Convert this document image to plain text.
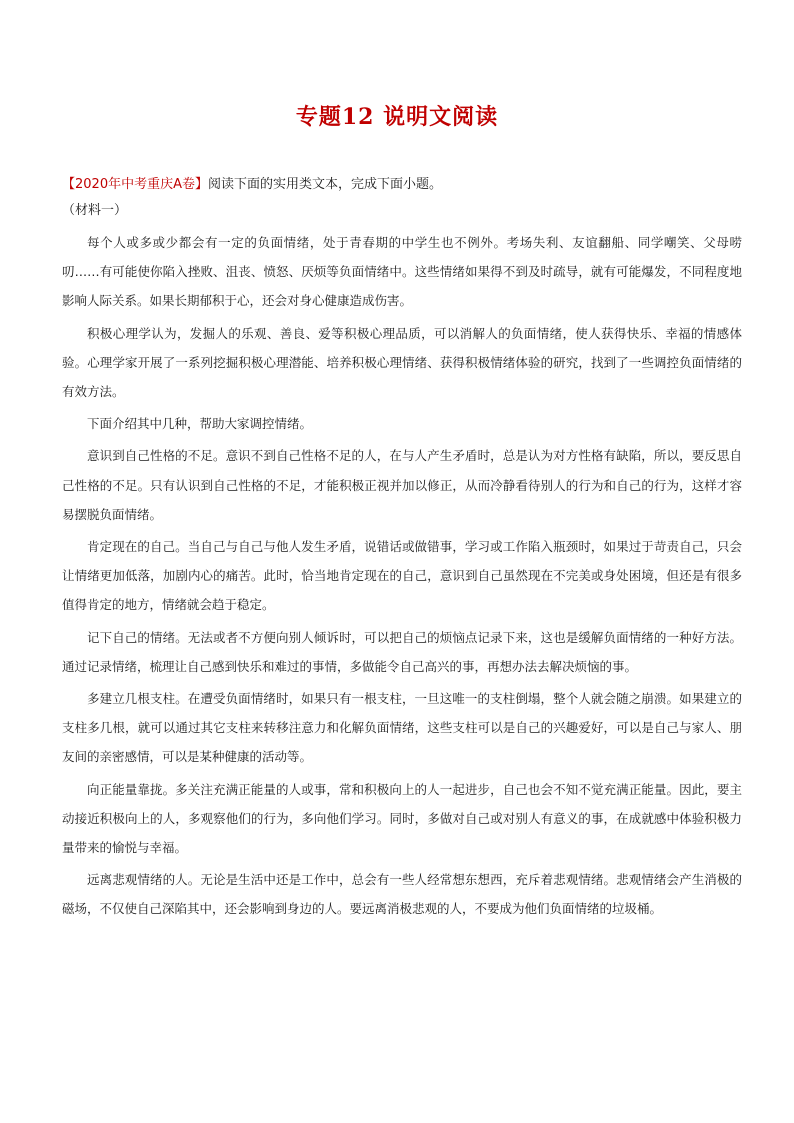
专题12 说明文阅读

【2020年中考重庆A卷】阅读下面的实用类文本，完成下面小题。

（材料一）

每个人或多或少都会有一定的负面情绪，处于青春期的中学生也不例外。考场失利、友谊翻船、同学嘲笑、父母唠叨……有可能使你陷入挫败、沮丧、愤怒、厌烦等负面情绪中。这些情绪如果得不到及时疏导，就有可能爆发，不同程度地影响人际关系。如果长期郁积于心，还会对身心健康造成伤害。

积极心理学认为，发掘人的乐观、善良、爱等积极心理品质，可以消解人的负面情绪，使人获得快乐、幸福的情感体验。心理学家开展了一系列挖掘积极心理潜能、培养积极心理情绪、获得积极情绪体验的研究，找到了一些调控负面情绪的有效方法。

下面介绍其中几种，帮助大家调控情绪。

意识到自己性格的不足。意识不到自己性格不足的人，在与人产生矛盾时，总是认为对方性格有缺陷，所以，要反思自己性格的不足。只有认识到自己性格的不足，才能积极正视并加以修正，从而冷静看待别人的行为和自己的行为，这样才容易摆脱负面情绪。

肯定现在的自己。当自己与自己与他人发生矛盾，说错话或做错事，学习或工作陷入瓶颈时，如果过于苛责自己，只会让情绪更加低落，加剧内心的痛苦。此时，恰当地肯定现在的自己，意识到自己虽然现在不完美或身处困境，但还是有很多值得肯定的地方，情绪就会趋于稳定。

记下自己的情绪。无法或者不方便向别人倾诉时，可以把自己的烦恼点记录下来，这也是缓解负面情绪的一种好方法。通过记录情绪，梳理让自己感到快乐和难过的事情，多做能令自己高兴的事，再想办法去解决烦恼的事。

多建立几根支柱。在遭受负面情绪时，如果只有一根支柱，一旦这唯一的支柱倒塌，整个人就会随之崩溃。如果建立的支柱多几根，就可以通过其它支柱来转移注意力和化解负面情绪，这些支柱可以是自己的兴趣爱好，可以是自己与家人、朋友间的亲密感情，可以是某种健康的活动等。

向正能量靠拢。多关注充满正能量的人或事，常和积极向上的人一起进步，自己也会不知不觉充满正能量。因此，要主动接近积极向上的人，多观察他们的行为，多向他们学习。同时，多做对自己或对别人有意义的事，在成就感中体验积极力量带来的愉悦与幸福。

远离悲观情绪的人。无论是生活中还是工作中，总会有一些人经常想东想西，充斥着悲观情绪。悲观情绪会产生消极的磁场，不仅使自己深陷其中，还会影响到身边的人。要远离消极悲观的人，不要成为他们负面情绪的垃圾桶。
